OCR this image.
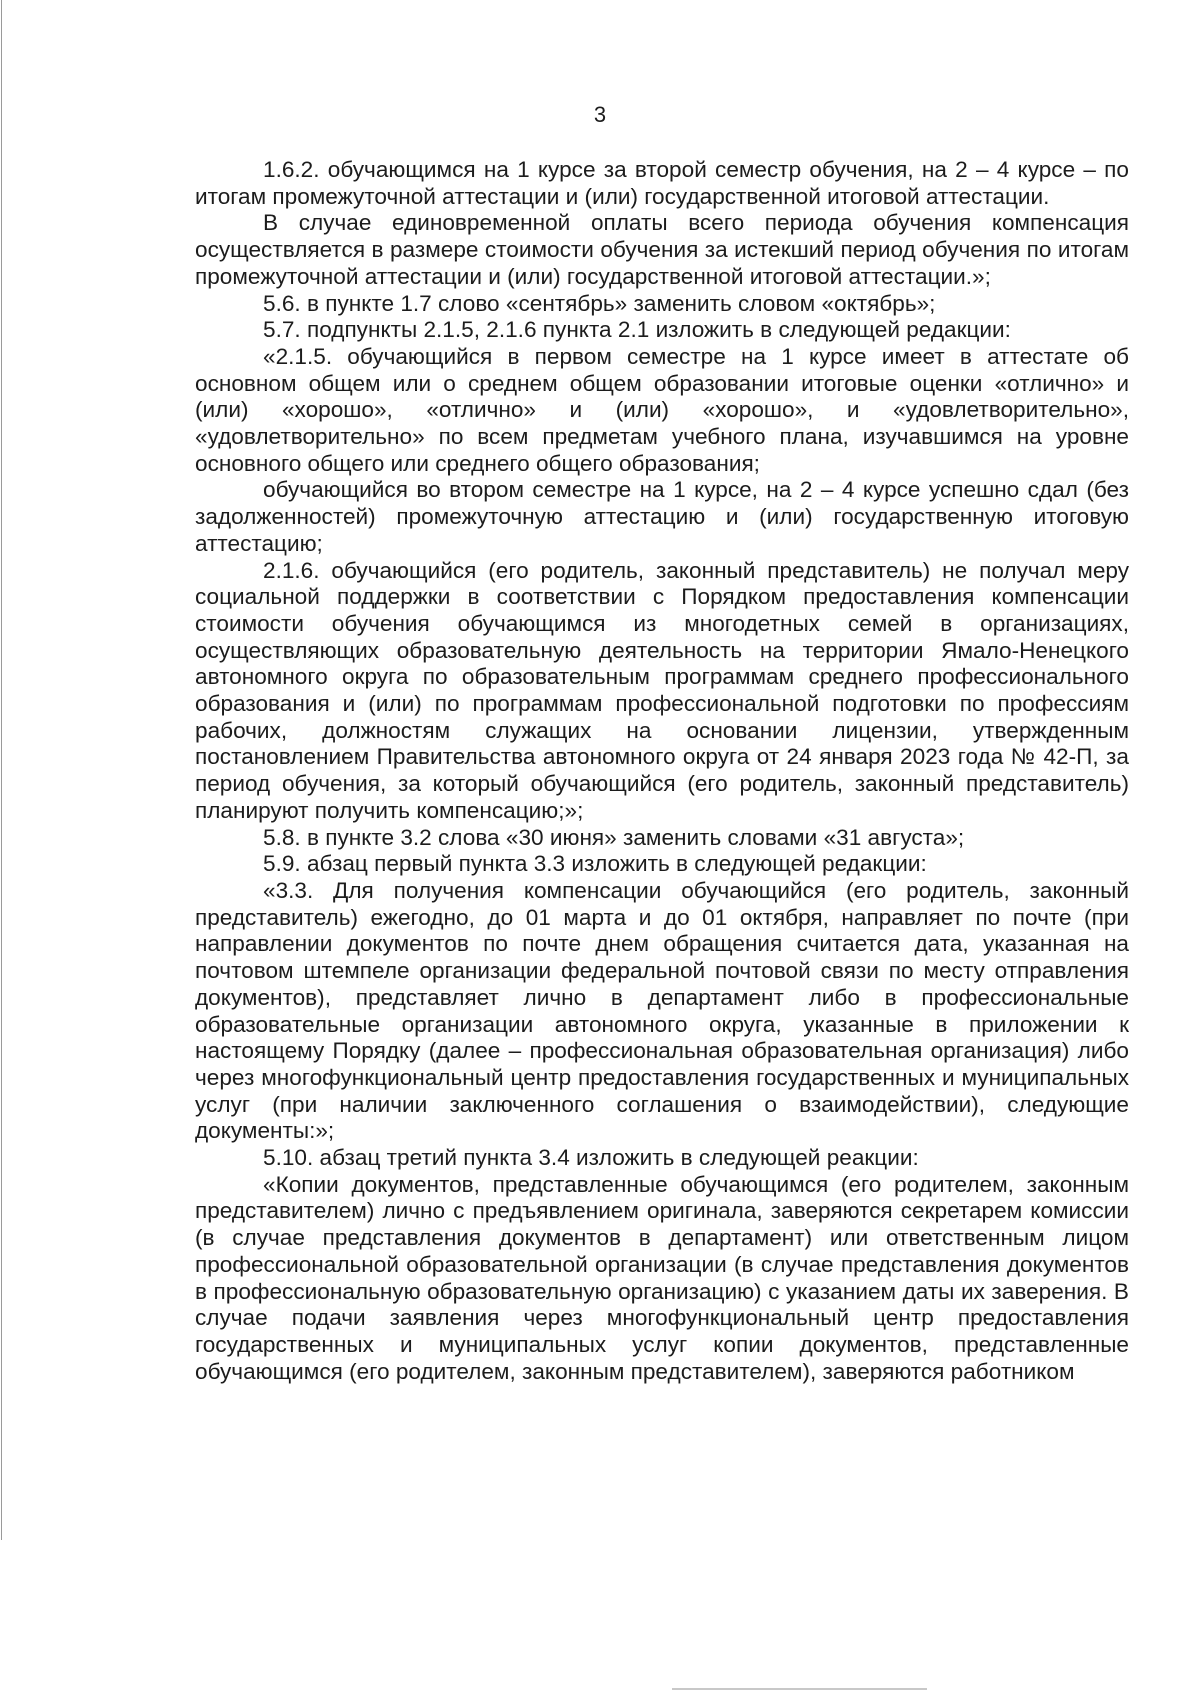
3

1.6.2. обучающимся на 1 курсе за второй семестр обучения, на 2 – 4 курсе – по итогам промежуточной аттестации и (или) государственной итоговой аттестации.

В случае единовременной оплаты всего периода обучения компенсация осуществляется в размере стоимости обучения за истекший период обучения по итогам промежуточной аттестации и (или) государственной итоговой аттестации.»;

5.6. в пункте 1.7 слово «сентябрь» заменить словом «октябрь»;

5.7. подпункты 2.1.5, 2.1.6 пункта 2.1 изложить в следующей редакции:

«2.1.5. обучающийся в первом семестре на 1 курсе имеет в аттестате об основном общем или о среднем общем образовании итоговые оценки «отлично» и (или) «хорошо», «отлично» и (или) «хорошо», и «удовлетворительно», «удовлетворительно» по всем предметам учебного плана, изучавшимся на уровне основного общего или среднего общего образования;

обучающийся во втором семестре на 1 курсе, на 2 – 4 курсе успешно сдал (без задолженностей) промежуточную аттестацию и (или) государственную итоговую аттестацию;

2.1.6. обучающийся (его родитель, законный представитель) не получал меру социальной поддержки в соответствии с Порядком предоставления компенсации стоимости обучения обучающимся из многодетных семей в организациях, осуществляющих образовательную деятельность на территории Ямало-Ненецкого автономного округа по образовательным программам среднего профессионального образования и (или) по программам профессиональной подготовки по профессиям рабочих, должностям служащих на основании лицензии, утвержденным постановлением Правительства автономного округа от 24 января 2023 года № 42-П, за период обучения, за который обучающийся (его родитель, законный представитель) планируют получить компенсацию;»;

5.8. в пункте 3.2 слова «30 июня» заменить словами «31 августа»;

5.9. абзац первый пункта 3.3 изложить в следующей редакции:

«3.3. Для получения компенсации обучающийся (его родитель, законный представитель) ежегодно, до 01 марта и до 01 октября, направляет по почте (при направлении документов по почте днем обращения считается дата, указанная на почтовом штемпеле организации федеральной почтовой связи по месту отправления документов), представляет лично в департамент либо в профессиональные образовательные организации автономного округа, указанные в приложении к настоящему Порядку (далее – профессиональная образовательная организация) либо через многофункциональный центр предоставления государственных и муниципальных услуг (при наличии заключенного соглашения о взаимодействии), следующие документы:»;

5.10. абзац третий пункта 3.4 изложить в следующей реакции:

«Копии документов, представленные обучающимся (его родителем, законным представителем) лично с предъявлением оригинала, заверяются секретарем комиссии (в случае представления документов в департамент) или ответственным лицом профессиональной образовательной организации (в случае представления документов в профессиональную образовательную организацию) с указанием даты их заверения. В случае подачи заявления через многофункциональный центр предоставления государственных и муниципальных услуг копии документов, представленные обучающимся (его родителем, законным представителем), заверяются работником
